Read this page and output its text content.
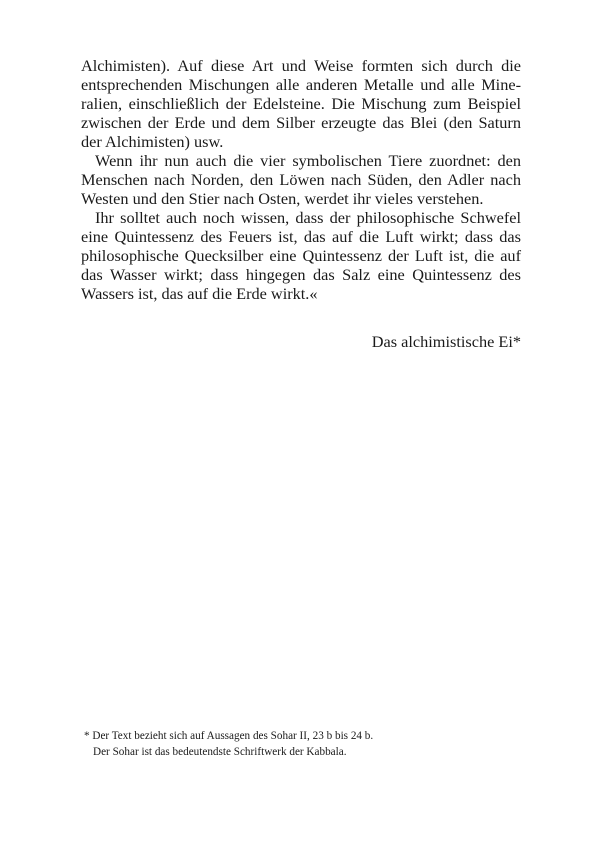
Alchimisten). Auf diese Art und Weise formten sich durch die
entsprechenden Mischungen alle anderen Metalle und alle Mine-
ralien, einschließlich der Edelsteine. Die Mischung zum Beispiel
zwischen der Erde und dem Silber erzeugte das Blei (den Saturn
der Alchimisten) usw.
Wenn ihr nun auch die vier symbolischen Tiere zuordnet: den
Menschen nach Norden, den Löwen nach Süden, den Adler nach
Westen und den Stier nach Osten, werdet ihr vieles verstehen.
Ihr solltet auch noch wissen, dass der philosophische Schwefel
eine Quintessenz des Feuers ist, das auf die Luft wirkt; dass das
philosophische Quecksilber eine Quintessenz der Luft ist, die auf
das Wasser wirkt; dass hingegen das Salz eine Quintessenz des
Wassers ist, das auf die Erde wirkt.«
Das alchimistische Ei*
* Der Text bezieht sich auf Aussagen des Sohar II, 23 b bis 24 b.
Der Sohar ist das bedeutendste Schriftwerk der Kabbala.
